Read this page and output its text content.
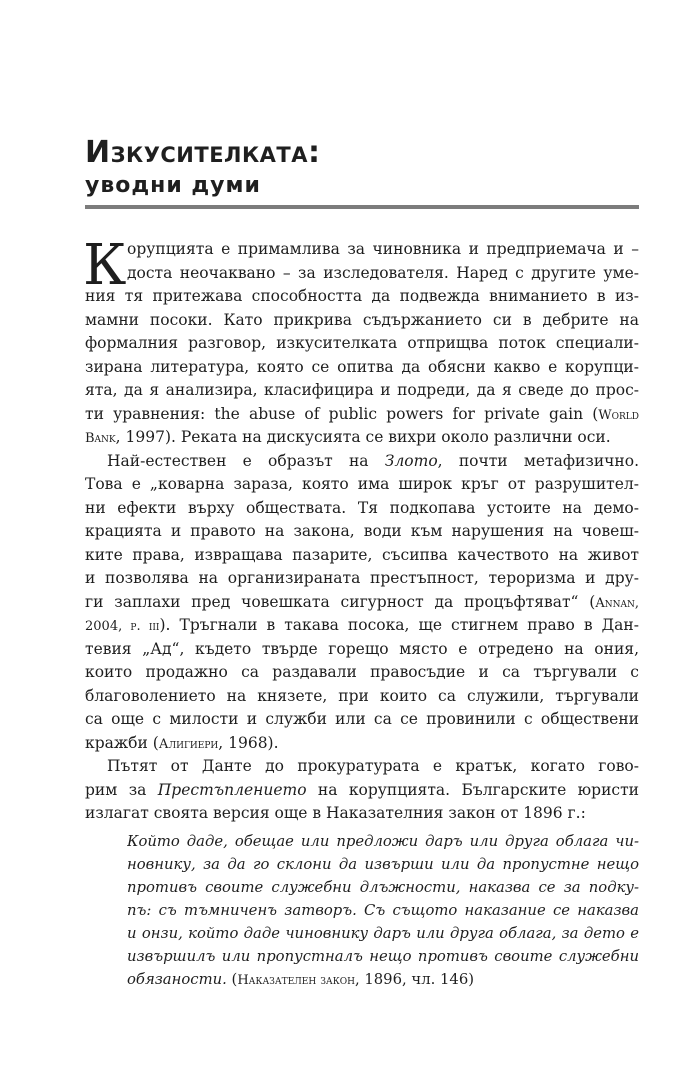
Изкусителката:
уводни думи
К орупцията е примамлива за чиновника и предприемача и –
доста неочаквано – за изследователя. Наред с другите уме-
ния тя притежава способността да подвежда вниманието в из-
мамни посоки. Като прикрива съдържанието си в дебрите на
формалния разговор, изкусителката отприщва поток специали-
зирана литература, която се опитва да обясни какво е корупци-
ята, да я анализира, класифицира и подреди, да я сведе до прос-
ти уравнения: the abuse of public powers for private gain (World
Bank, 1997). Реката на дискусията се вихри около различни оси.
Най-естествен е образът на Злото, почти метафизично.
Това е „коварна зараза, която има широк кръг от разрушител-
ни ефекти върху обществата. Тя подкопава устоите на демо-
крацията и правото на закона, води към нарушения на човеш-
ките права, изврaщава пазарите, съсипва качеството на живот
и позволява на организираната престъпност, тероризма и дру-
ги заплахи пред човешката сигурност да процъфтяват“ (Annan,
2004, p. iii). Тръгнали в такава посока, ще стигнем право в Дан-
тевия „Ад“, където твърде горещо място е отредено на ония,
които продажно са раздавали правосъдие и са търгували с
благоволението на князете, при които са служили, търгували
са още с милости и служби или са се провинили с обществени
кражби (Алигиери, 1968).
Пътят от Данте до прокуратурата е кратък, когато гово-
рим за Престъплението на корупцията. Българските юристи
излагат своята версия още в Наказателния закон от 1896 г.:
Който даде, обещае или предложи даръ или друга облага чи-
новнику, за да го склони да извърши или да пропустне нещо
противъ своите служебни длъжности, наказва се за подку-
пъ: съ тъмниченъ затворъ. Съ същото наказание се наказва
и онзи, който даде чиновнику даръ или друга облага, за дето е
извършилъ или пропустналъ нещо противъ своите служебни
обязаности. (Наказателен закон, 1896, чл. 146)
